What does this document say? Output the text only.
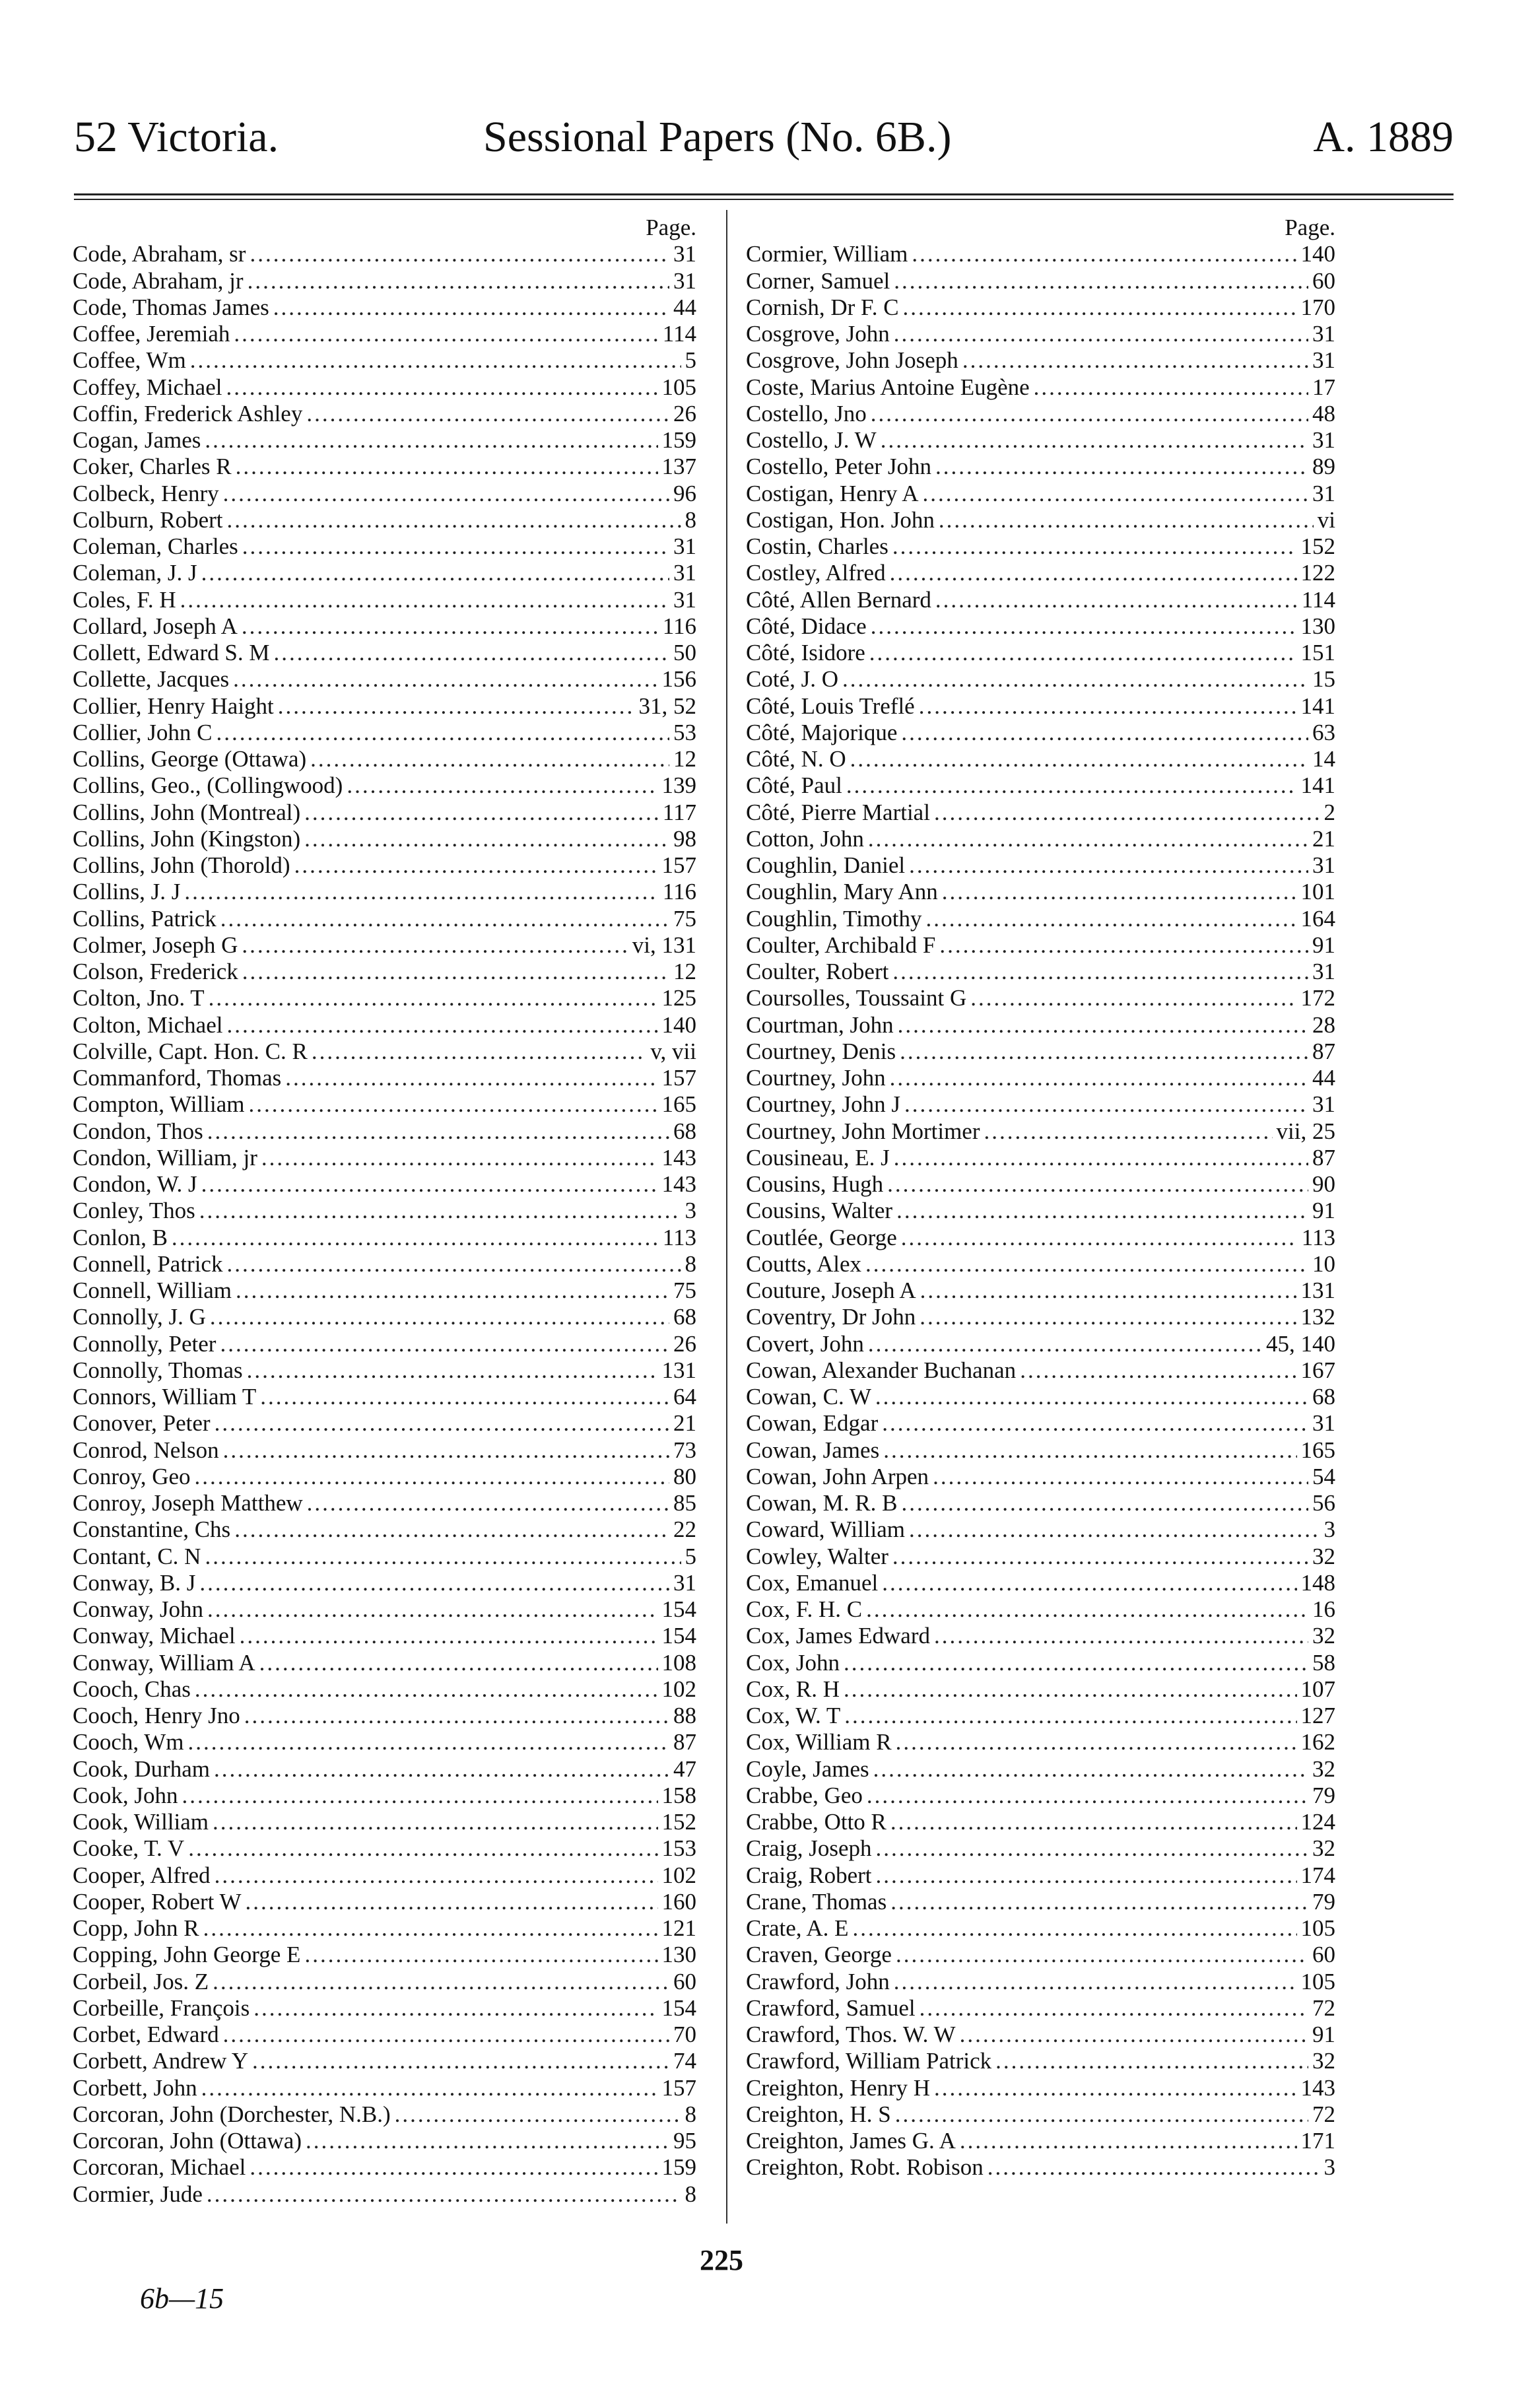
52 Victoria.	Sessional Papers (No. 6B.)	A. 1889
Page.
Code, Abraham, sr .....	31
Code, Abraham, jr .....	31
Code, Thomas James .....	44
Coffee, Jeremiah .....	114
Coffee, Wm .....	5
Coffey, Michael .....	105
Coffin, Frederick Ashley .....	26
Cogan, James .....	159
Coker, Charles R .....	137
Colbeck, Henry .....	96
Colburn, Robert .....	8
Coleman, Charles .....	31
Coleman, J. J .....	31
Coles, F. H .....	31
Collard, Joseph A .....	116
Collett, Edward S. M .....	50
Collette, Jacques .....	156
Collier, Henry Haight .....	31, 52
Collier, John C .....	53
Collins, George (Ottawa) .....	12
Collins, Geo., (Collingwood) .....	139
Collins, John (Montreal) .....	117
Collins, John (Kingston) .....	98
Collins, John (Thorold) .....	157
Collins, J. J .....	116
Collins, Patrick .....	75
Colmer, Joseph G .....	vi, 131
Colson, Frederick .....	12
Colton, Jno. T .....	125
Colton, Michael .....	140
Colville, Capt. Hon. C. R .....	v, vii
Commanford, Thomas .....	157
Compton, William .....	165
Condon, Thos .....	68
Condon, William, jr .....	143
Condon, W. J .....	143
Conley, Thos .....	3
Conlon, B .....	113
Connell, Patrick .....	8
Connell, William .....	75
Connolly, J. G .....	68
Connolly, Peter .....	26
Connolly, Thomas .....	131
Connors, William T .....	64
Conover, Peter .....	21
Conrod, Nelson .....	73
Conroy, Geo .....	80
Conroy, Joseph Matthew .....	85
Constantine, Chs .....	22
Contant, C. N .....	5
Conway, B. J .....	31
Conway, John .....	154
Conway, Michael .....	154
Conway, William A .....	108
Cooch, Chas .....	102
Cooch, Henry Jno .....	88
Cooch, Wm .....	87
Cook, Durham .....	47
Cook, John .....	158
Cook, William .....	152
Cooke, T. V .....	153
Cooper, Alfred .....	102
Cooper, Robert W .....	160
Copp, John R .....	121
Copping, John George E .....	130
Corbeil, Jos. Z .....	60
Corbeille, François .....	154
Corbet, Edward .....	70
Corbett, Andrew Y .....	74
Corbett, John .....	157
Corcoran, John (Dorchester, N.B.) .....	8
Corcoran, John (Ottawa) .....	95
Corcoran, Michael .....	159
Cormier, Jude .....	8
Page.
Cormier, William .....	140
Corner, Samuel .....	60
Cornish, Dr F. C .....	170
Cosgrove, John .....	31
Cosgrove, John Joseph .....	31
Coste, Marius Antoine Eugène .....	17
Costello, Jno .....	48
Costello, J. W .....	31
Costello, Peter John .....	89
Costigan, Henry A .....	31
Costigan, Hon. John .....	vi
Costin, Charles .....	152
Costley, Alfred .....	122
Côté, Allen Bernard .....	114
Côté, Didace .....	130
Côté, Isidore .....	151
Coté, J. O .....	15
Côté, Louis Treflé .....	141
Côté, Majorique .....	63
Côté, N. O .....	14
Côté, Paul .....	141
Côté, Pierre Martial .....	2
Cotton, John .....	21
Coughlin, Daniel .....	31
Coughlin, Mary Ann .....	101
Coughlin, Timothy .....	164
Coulter, Archibald F .....	91
Coulter, Robert .....	31
Coursolles, Toussaint G .....	172
Courtman, John .....	28
Courtney, Denis .....	87
Courtney, John .....	44
Courtney, John J .....	31
Courtney, John Mortimer .....	vii, 25
Cousineau, E. J .....	87
Cousins, Hugh .....	90
Cousins, Walter .....	91
Coutlée, George .....	113
Coutts, Alex .....	10
Couture, Joseph A .....	131
Coventry, Dr John .....	132
Covert, John .....	45, 140
Cowan, Alexander Buchanan .....	167
Cowan, C. W .....	68
Cowan, Edgar .....	31
Cowan, James .....	165
Cowan, John Arpen .....	54
Cowan, M. R. B .....	56
Coward, William .....	3
Cowley, Walter .....	32
Cox, Emanuel .....	148
Cox, F. H. C .....	16
Cox, James Edward .....	32
Cox, John .....	58
Cox, R. H .....	107
Cox, W. T .....	127
Cox, William R .....	162
Coyle, James .....	32
Crabbe, Geo .....	79
Crabbe, Otto R .....	124
Craig, Joseph .....	32
Craig, Robert .....	174
Crane, Thomas .....	79
Crate, A. E .....	105
Craven, George .....	60
Crawford, John .....	105
Crawford, Samuel .....	72
Crawford, Thos. W. W .....	91
Crawford, William Patrick .....	32
Creighton, Henry H .....	143
Creighton, H. S .....	72
Creighton, James G. A .....	171
Creighton, Robt. Robison .....	3
6b—15
225
